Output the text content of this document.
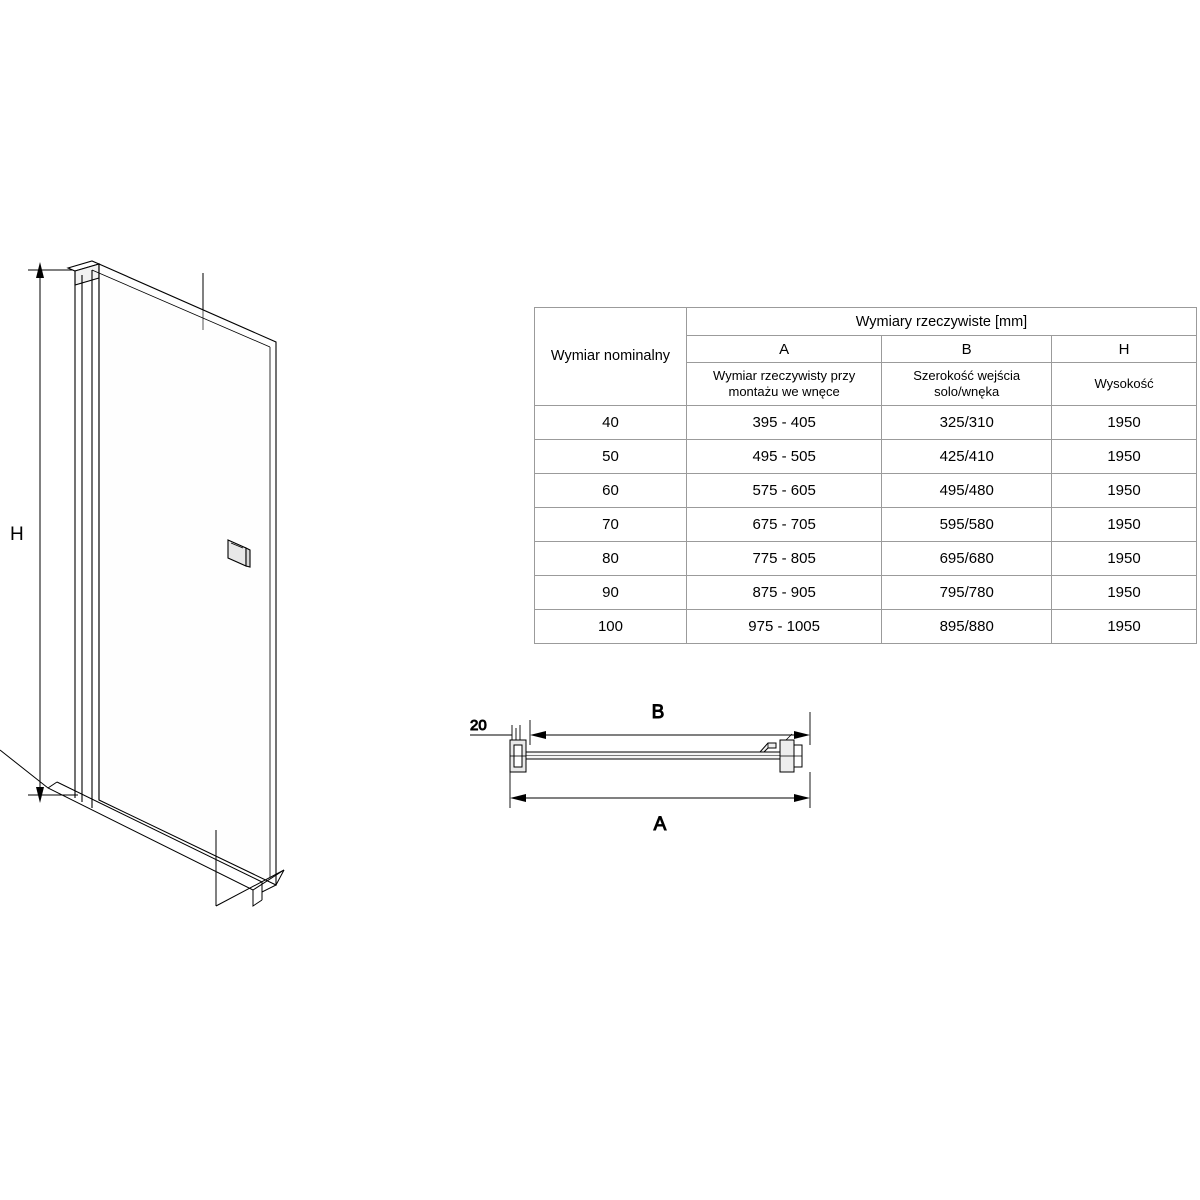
H
Wymiar nominalny	Wymiary rzeczywiste [mm]		
	A	B	H
	Wymiar rzeczywisty przy montażu we wnęce	Szerokość wejścia solo/wnęka	Wysokość
40	395 - 405	325/310	1950
50	495 - 505	425/410	1950
60	575 - 605	495/480	1950
70	675 - 705	595/580	1950
80	775 - 805	695/680	1950
90	875 - 905	795/780	1950
100	975 - 1005	895/880	1950
B
20
A
